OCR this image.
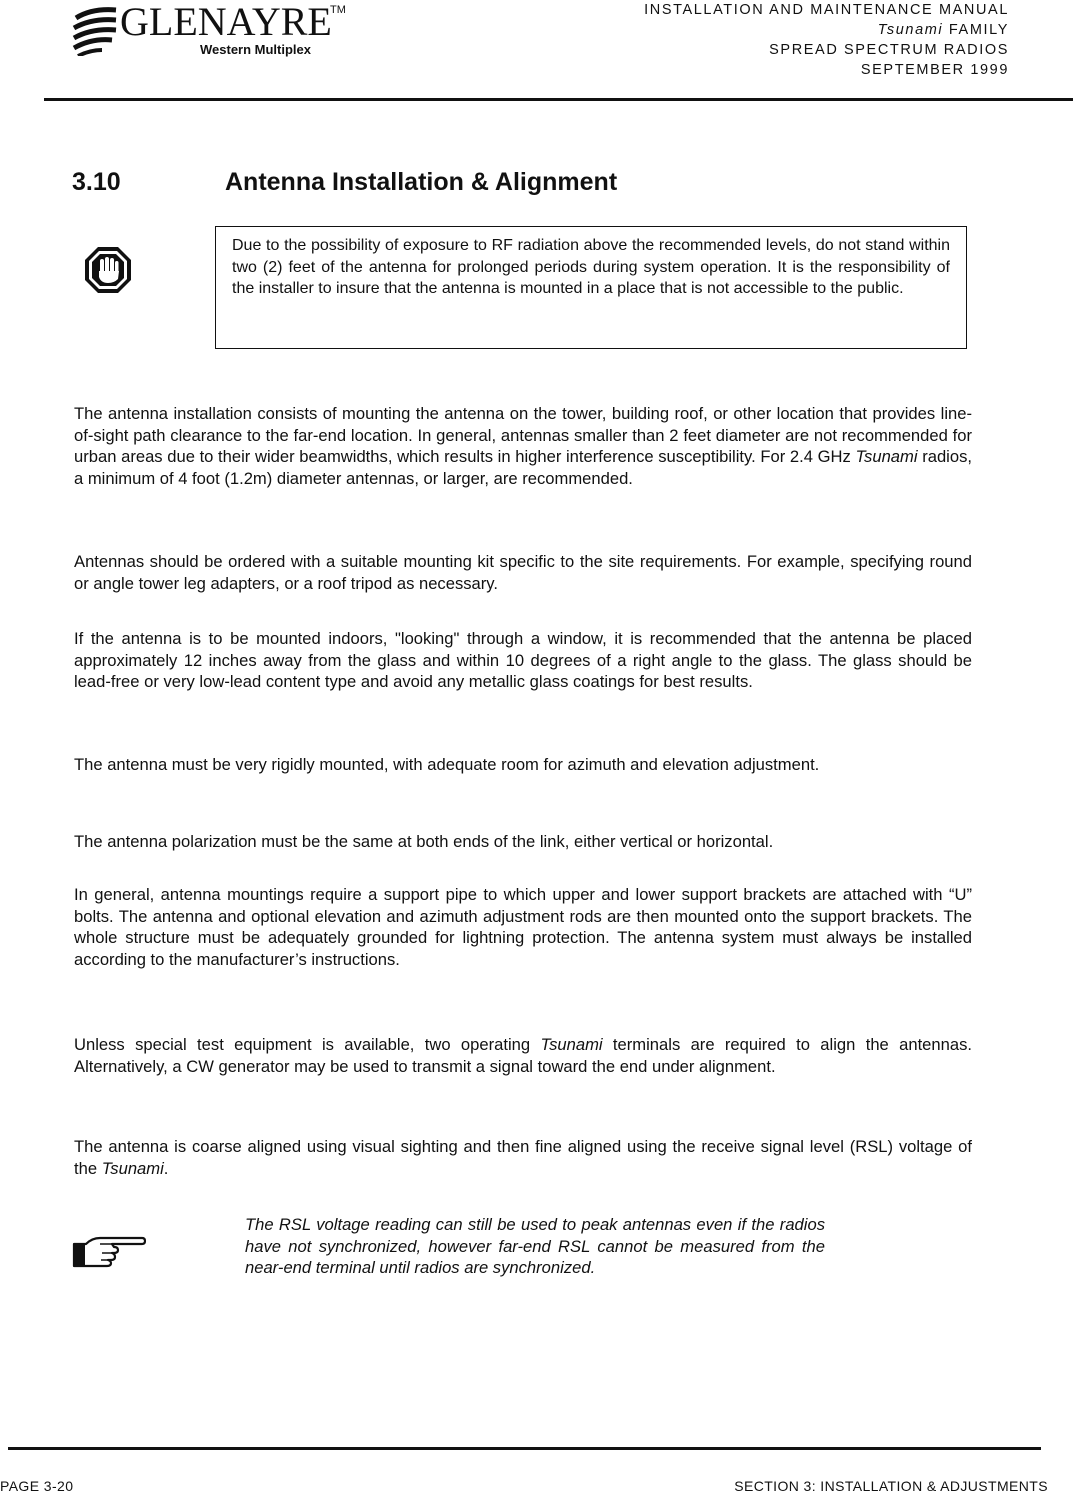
GLENAYRE
TM
Western Multiplex
INSTALLATION AND MAINTENANCE MANUAL
Tsunami FAMILY
SPREAD SPECTRUM RADIOS
SEPTEMBER 1999
3.10	Antenna Installation & Alignment
Due to the possibility of exposure to RF radiation above the recommended levels, do not stand within two (2) feet of the antenna for prolonged periods during system operation. It is the responsibility of the installer to insure that the antenna is mounted in a place that is not accessible to the public.

The antenna installation consists of mounting the antenna on the tower, building roof, or other location that provides line-of-sight path clearance to the far-end location. In general, antennas smaller than 2 feet diameter are not recommended for urban areas due to their wider beamwidths, which results in higher interference susceptibility. For 2.4 GHz Tsunami radios, a minimum of 4 foot (1.2m) diameter antennas, or larger, are recommended.

Antennas should be ordered with a suitable mounting kit specific to the site requirements. For example, specifying round or angle tower leg adapters, or a roof tripod as necessary.

If the antenna is to be mounted indoors, "looking" through a window, it is recommended that the antenna be placed approximately 12 inches away from the glass and within 10 degrees of a right angle to the glass. The glass should be lead-free or very low-lead content type and avoid any metallic glass coatings for best results.

The antenna must be very rigidly mounted, with adequate room for azimuth and elevation adjustment.

The antenna polarization must be the same at both ends of the link, either vertical or horizontal.

In general, antenna mountings require a support pipe to which upper and lower support brackets are attached with “U” bolts. The antenna and optional elevation and azimuth adjustment rods are then mounted onto the support brackets. The whole structure must be adequately grounded for lightning protection. The antenna system must always be installed according to the manufacturer’s instructions.

Unless special test equipment is available, two operating Tsunami terminals are required to align the antennas. Alternatively, a CW generator may be used to transmit a signal toward the end under alignment.

The antenna is coarse aligned using visual sighting and then fine aligned using the receive signal level (RSL) voltage of the Tsunami.

The RSL voltage reading can still be used to peak antennas even if the radios have not synchronized, however far-end RSL cannot be measured from the near-end terminal until radios are synchronized.
PAGE 3-20	SECTION 3: INSTALLATION & ADJUSTMENTS
